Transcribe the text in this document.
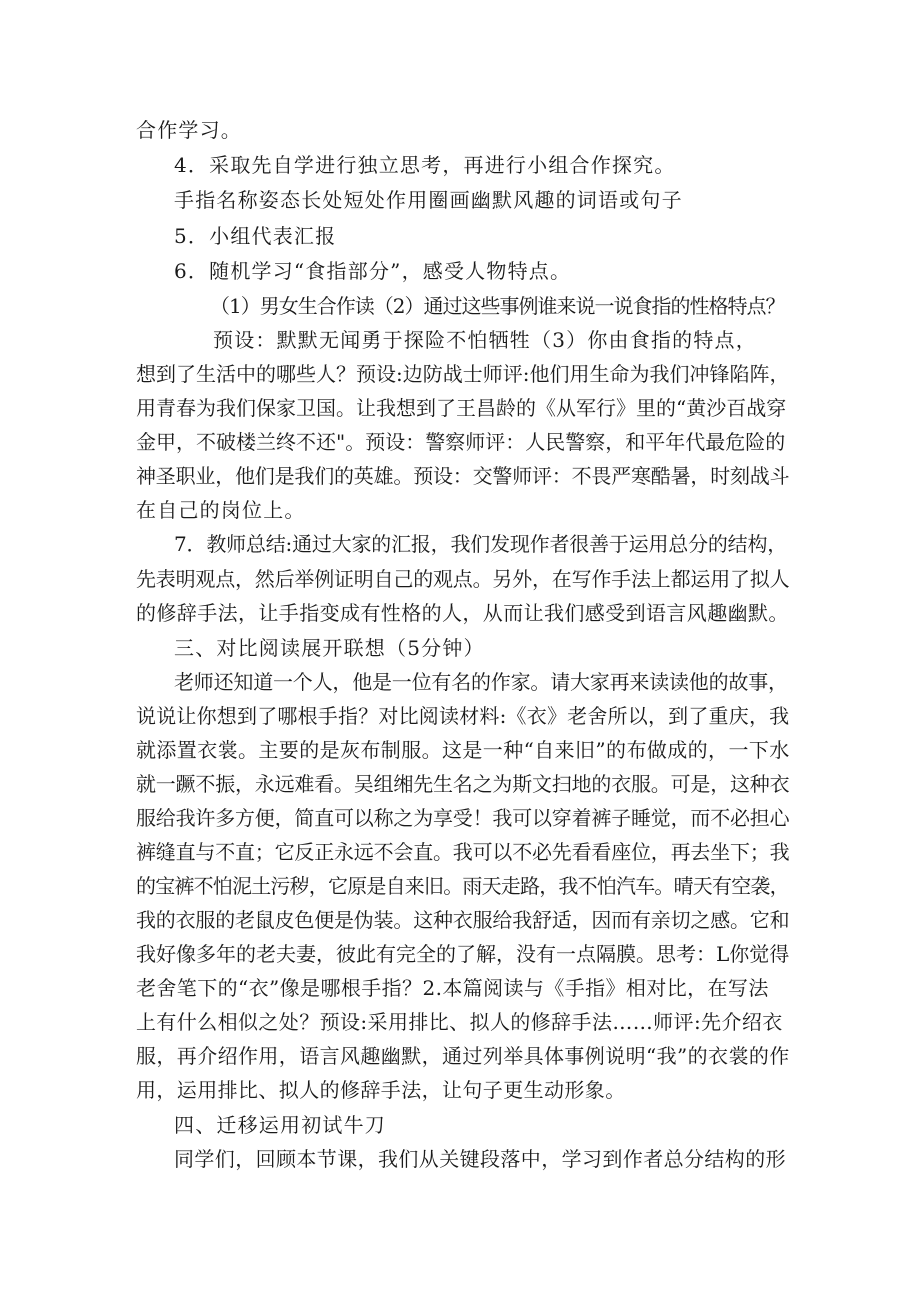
合作学习。
4．采取先自学进行独立思考，再进行小组合作探究。
手指名称姿态长处短处作用圈画幽默风趣的词语或句子
5．小组代表汇报
6．随机学习“食指部分”，感受人物特点。
（1）男女生合作读（2）通过这些事例谁来说一说食指的性格特点？
预设：默默无闻勇于探险不怕牺牲（3）你由食指的特点，
想到了生活中的哪些人？预设:边防战士师评:他们用生命为我们冲锋陷阵，
用青春为我们保家卫国。让我想到了王昌龄的《从军行》里的“黄沙百战穿
金甲，不破楼兰终不还"。预设：警察师评：人民警察，和平年代最危险的
神圣职业，他们是我们的英雄。预设：交警师评：不畏严寒酷暑，时刻战斗
在自己的岗位上。
7．教师总结:通过大家的汇报，我们发现作者很善于运用总分的结构，
先表明观点，然后举例证明自己的观点。另外，在写作手法上都运用了拟人
的修辞手法，让手指变成有性格的人，从而让我们感受到语言风趣幽默。
三、对比阅读展开联想（5分钟）
老师还知道一个人，他是一位有名的作家。请大家再来读读他的故事，
说说让你想到了哪根手指？对比阅读材料:《衣》老舍所以，到了重庆，我
就添置衣裳。主要的是灰布制服。这是一种“自来旧”的布做成的，一下水
就一蹶不振，永远难看。吴组缃先生名之为斯文扫地的衣服。可是，这种衣
服给我许多方便，简直可以称之为享受！我可以穿着裤子睡觉，而不必担心
裤缝直与不直；它反正永远不会直。我可以不必先看看座位，再去坐下；我
的宝裤不怕泥土污秽，它原是自来旧。雨天走路，我不怕汽车。晴天有空袭，
我的衣服的老鼠皮色便是伪装。这种衣服给我舒适，因而有亲切之感。它和
我好像多年的老夫妻，彼此有完全的了解，没有一点隔膜。思考：L你觉得
老舍笔下的“衣”像是哪根手指？2.本篇阅读与《手指》相对比，在写法
上有什么相似之处？预设:采用排比、拟人的修辞手法……师评:先介绍衣
服，再介绍作用，语言风趣幽默，通过列举具体事例说明“我”的衣裳的作
用，运用排比、拟人的修辞手法，让句子更生动形象。
四、迁移运用初试牛刀
同学们，回顾本节课，我们从关键段落中，学习到作者总分结构的形
